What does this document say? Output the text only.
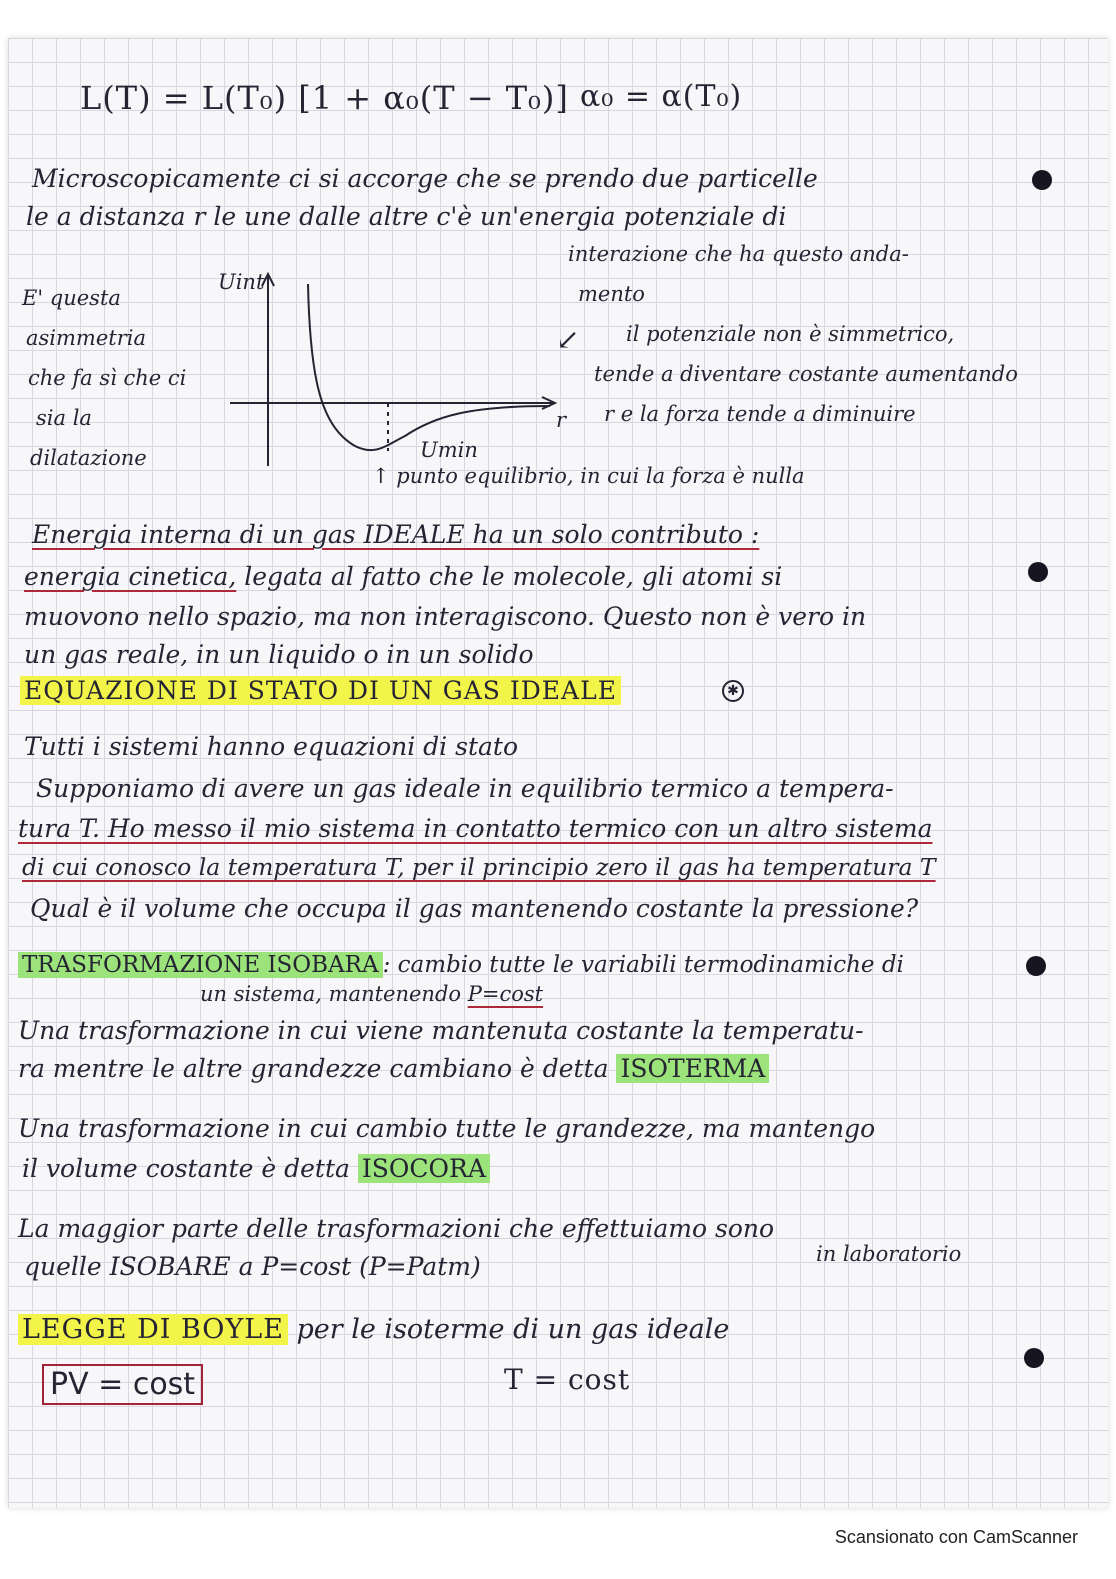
L(T) = L(T₀) [1 + α₀(T − T₀)] α₀ = α(T₀)
Microscopicamente ci si accorge che se prendo due particelle
le a distanza r le une dalle altre c'è un'energia potenziale di
interazione che ha questo anda-
mento
E' questa
asimmetria
che fa sì che ci
sia la
dilatazione
Uint
r
Umin
↑ punto equilibrio, in cui la forza è nulla
↙ il potenziale non è simmetrico,
tende a diventare costante aumentando
r e la forza tende a diminuire
Energia interna di un gas IDEALE ha un solo contributo :
energia cinetica, legata al fatto che le molecole, gli atomi si
muovono nello spazio, ma non interagiscono. Questo non è vero in
un gas reale, in un liquido o in un solido
EQUAZIONE DI STATO DI UN GAS IDEALE	✱
Tutti i sistemi hanno equazioni di stato
Supponiamo di avere un gas ideale in equilibrio termico a tempera-
tura T. Ho messo il mio sistema in contatto termico con un altro sistema
di cui conosco la temperatura T, per il principio zero il gas ha temperatura T
Qual è il volume che occupa il gas mantenendo costante la pressione?
TRASFORMAZIONE ISOBARA : cambio tutte le variabili termodinamiche di
un sistema, mantenendo P=cost
Una trasformazione in cui viene mantenuta costante la temperatu-
ra mentre le altre grandezze cambiano è detta ISOTERMA
Una trasformazione in cui cambio tutte le grandezze, ma mantengo
il volume costante è detta ISOCORA
La maggior parte delle trasformazioni che effettuiamo sono
quelle ISOBARE a P=cost (P=Patm)	in laboratorio
LEGGE DI BOYLE per le isoterme di un gas ideale
PV = cost	T = cost
Scansionato con CamScanner
